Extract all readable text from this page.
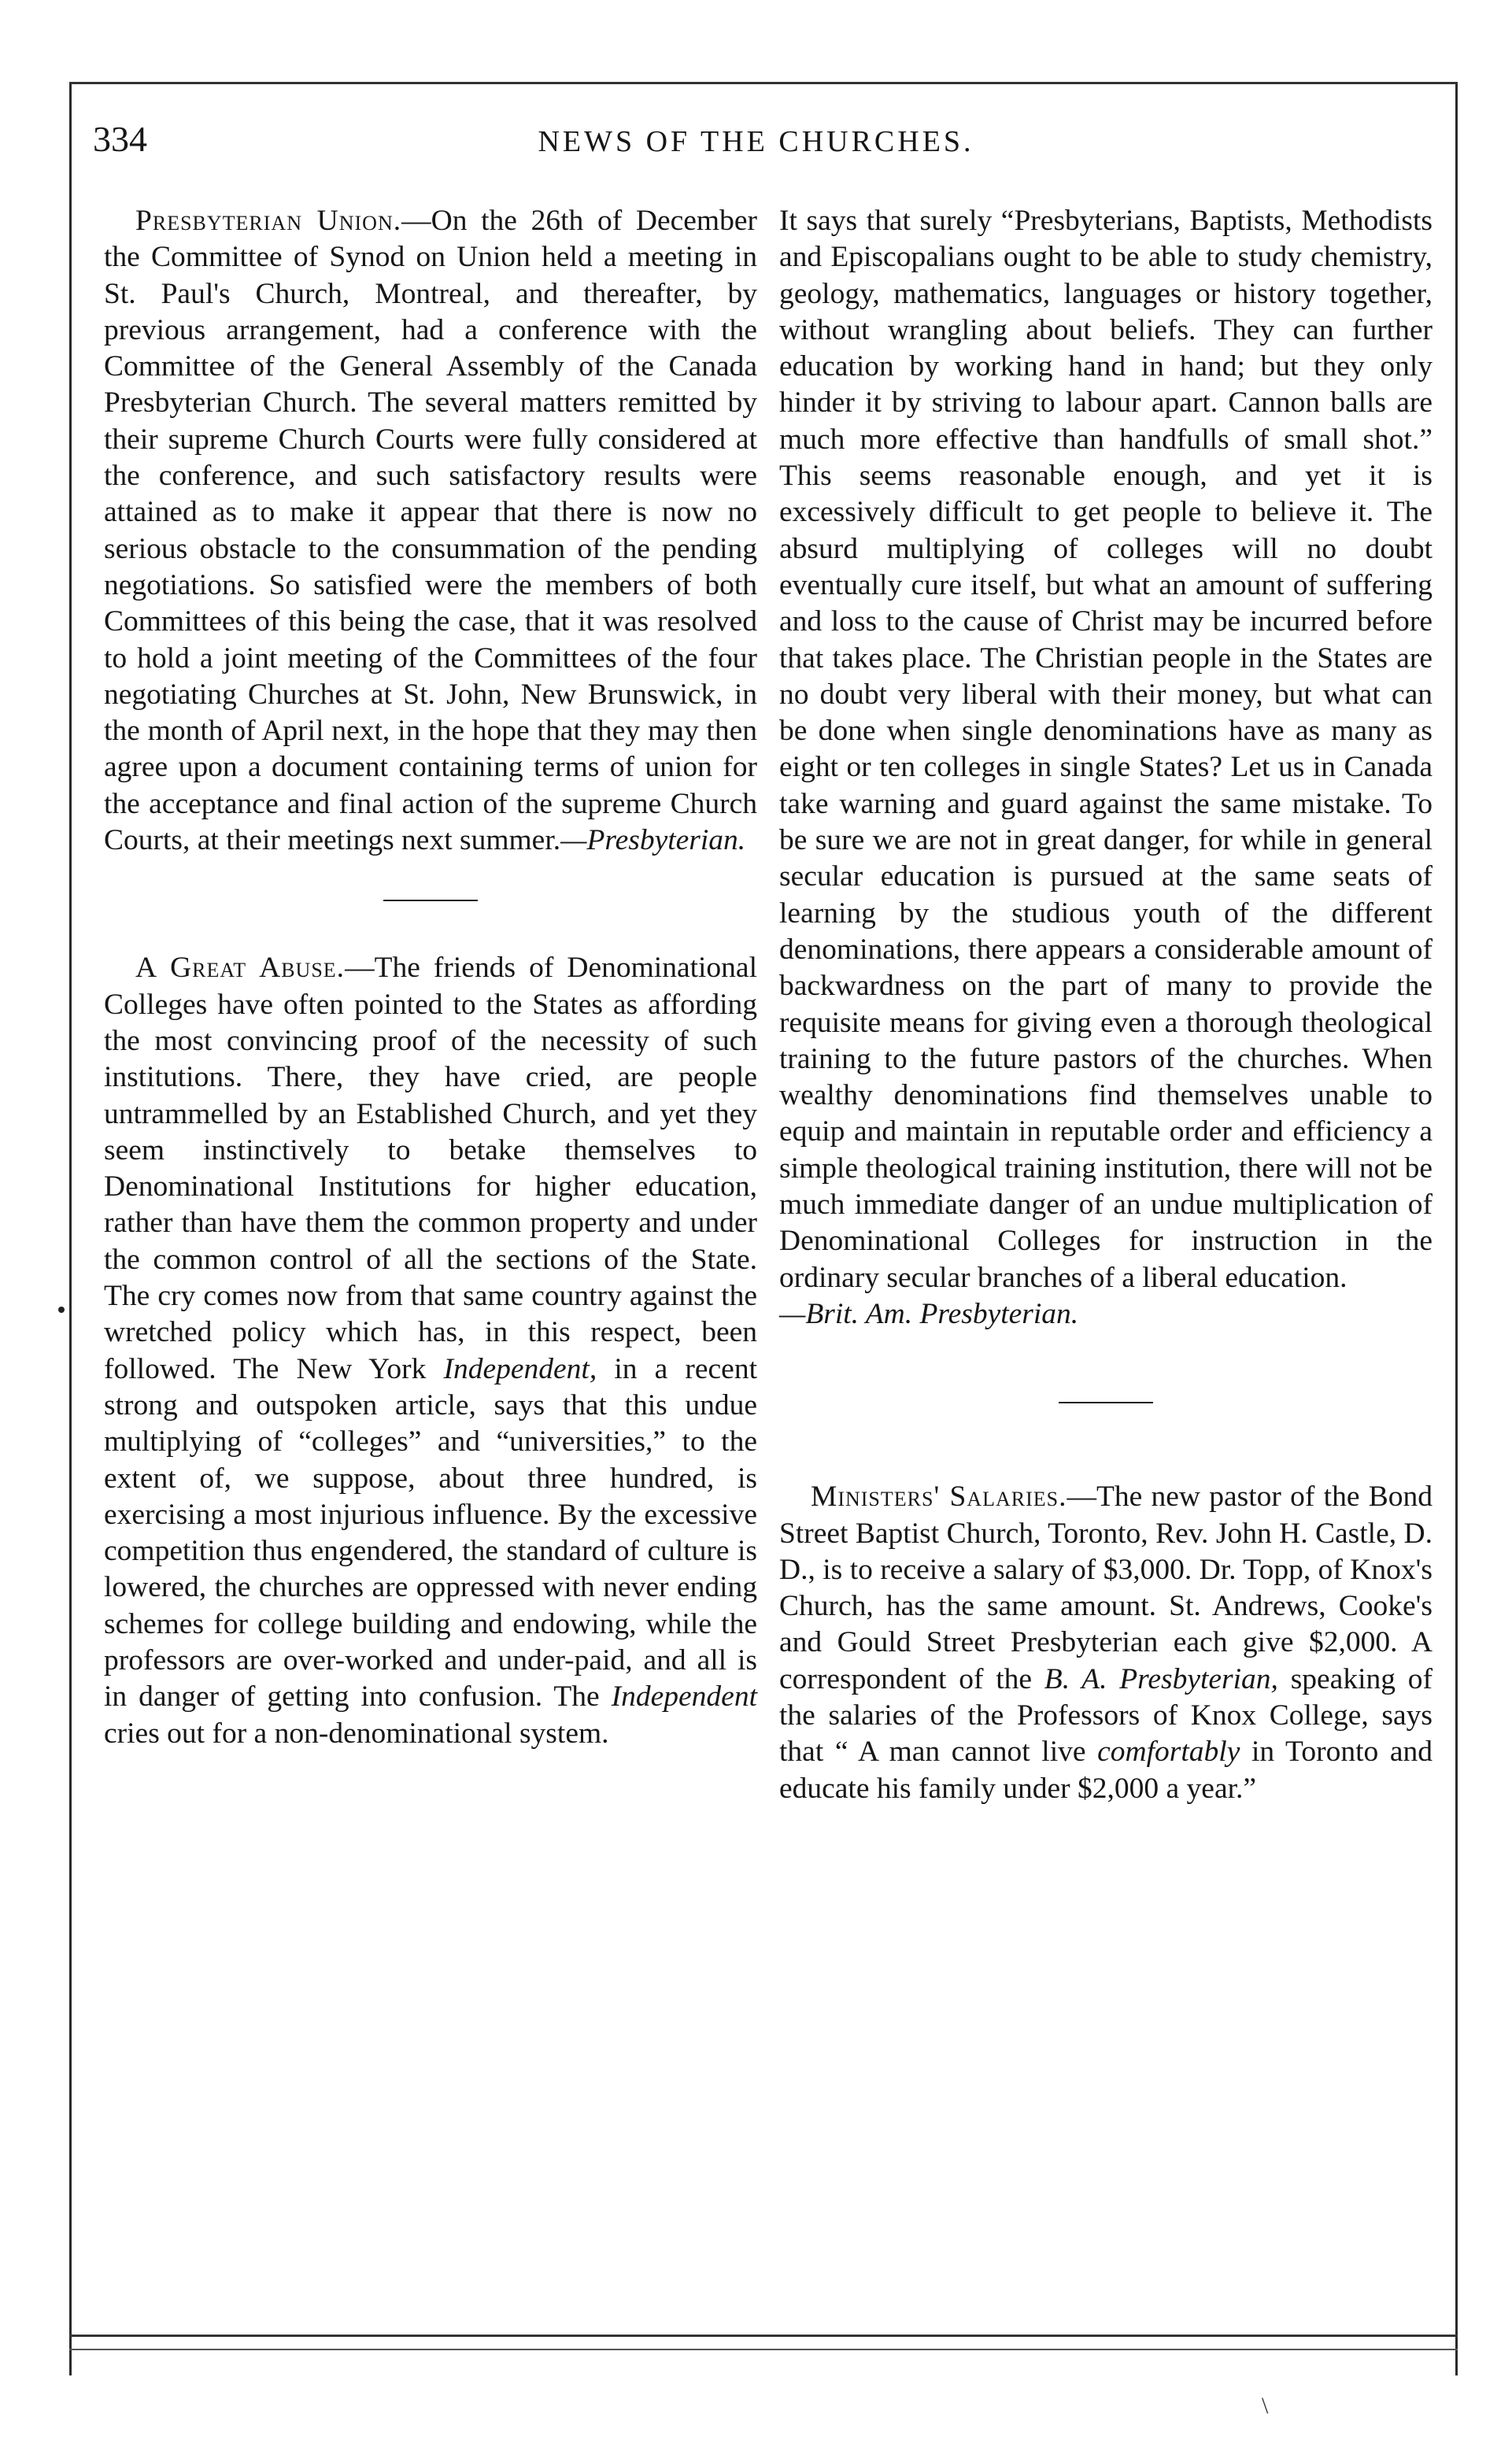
\
334	NEWS OF THE CHURCHES.

Presbyterian Union.—On the 26th of December the Committee of Synod on Union held a meeting in St. Paul's Church, Montreal, and thereafter, by previous arrangement, had a conference with the Committee of the General Assembly of the Canada Presbyterian Church. The several matters remitted by their supreme Church Courts were fully considered at the conference, and such satisfactory results were attained as to make it appear that there is now no serious obstacle to the consummation of the pending negotiations. So satisfied were the members of both Committees of this being the case, that it was resolved to hold a joint meeting of the Committees of the four negotiating Churches at St. John, New Brunswick, in the month of April next, in the hope that they may then agree upon a document containing terms of union for the acceptance and final action of the supreme Church Courts, at their meetings next summer.—Presbyterian.

A Great Abuse.—The friends of Denominational Colleges have often pointed to the States as affording the most convincing proof of the necessity of such institutions. There, they have cried, are people untrammelled by an Established Church, and yet they seem instinctively to betake themselves to Denominational Institutions for higher education, rather than have them the common property and under the common control of all the sections of the State. The cry comes now from that same country against the wretched policy which has, in this respect, been followed. The New York Independent, in a recent strong and outspoken article, says that this undue multiplying of “colleges” and “universities,” to the extent of, we suppose, about three hundred, is exercising a most injurious influence. By the excessive competition thus engendered, the standard of culture is lowered, the churches are oppressed with never ending schemes for college building and endowing, while the professors are over-worked and under-paid, and all is in danger of getting into confusion. The Independent cries out for a non-denominational system.

It says that surely “Presbyterians, Baptists, Methodists and Episcopalians ought to be able to study chemistry, geology, mathematics, languages or history together, without wrangling about beliefs. They can further education by working hand in hand; but they only hinder it by striving to labour apart. Cannon balls are much more effective than handfulls of small shot.” This seems reasonable enough, and yet it is excessively difficult to get people to believe it. The absurd multiplying of colleges will no doubt eventually cure itself, but what an amount of suffering and loss to the cause of Christ may be incurred before that takes place. The Christian people in the States are no doubt very liberal with their money, but what can be done when single denominations have as many as eight or ten colleges in single States? Let us in Canada take warning and guard against the same mistake. To be sure we are not in great danger, for while in general secular education is pursued at the same seats of learning by the studious youth of the different denominations, there appears a considerable amount of backwardness on the part of many to provide the requisite means for giving even a thorough theological training to the future pastors of the churches. When wealthy denominations find themselves unable to equip and maintain in reputable order and efficiency a simple theological training institution, there will not be much immediate danger of an undue multiplication of Denominational Colleges for instruction in the ordinary secular branches of a liberal education.

—Brit. Am. Presbyterian.

Ministers' Salaries.—The new pastor of the Bond Street Baptist Church, Toronto, Rev. John H. Castle, D. D., is to receive a salary of $3,000. Dr. Topp, of Knox's Church, has the same amount. St. Andrews, Cooke's and Gould Street Presbyterian each give $2,000. A correspondent of the B. A. Presbyterian, speaking of the salaries of the Professors of Knox College, says that “ A man cannot live comfortably in Toronto and educate his family under $2,000 a year.”
